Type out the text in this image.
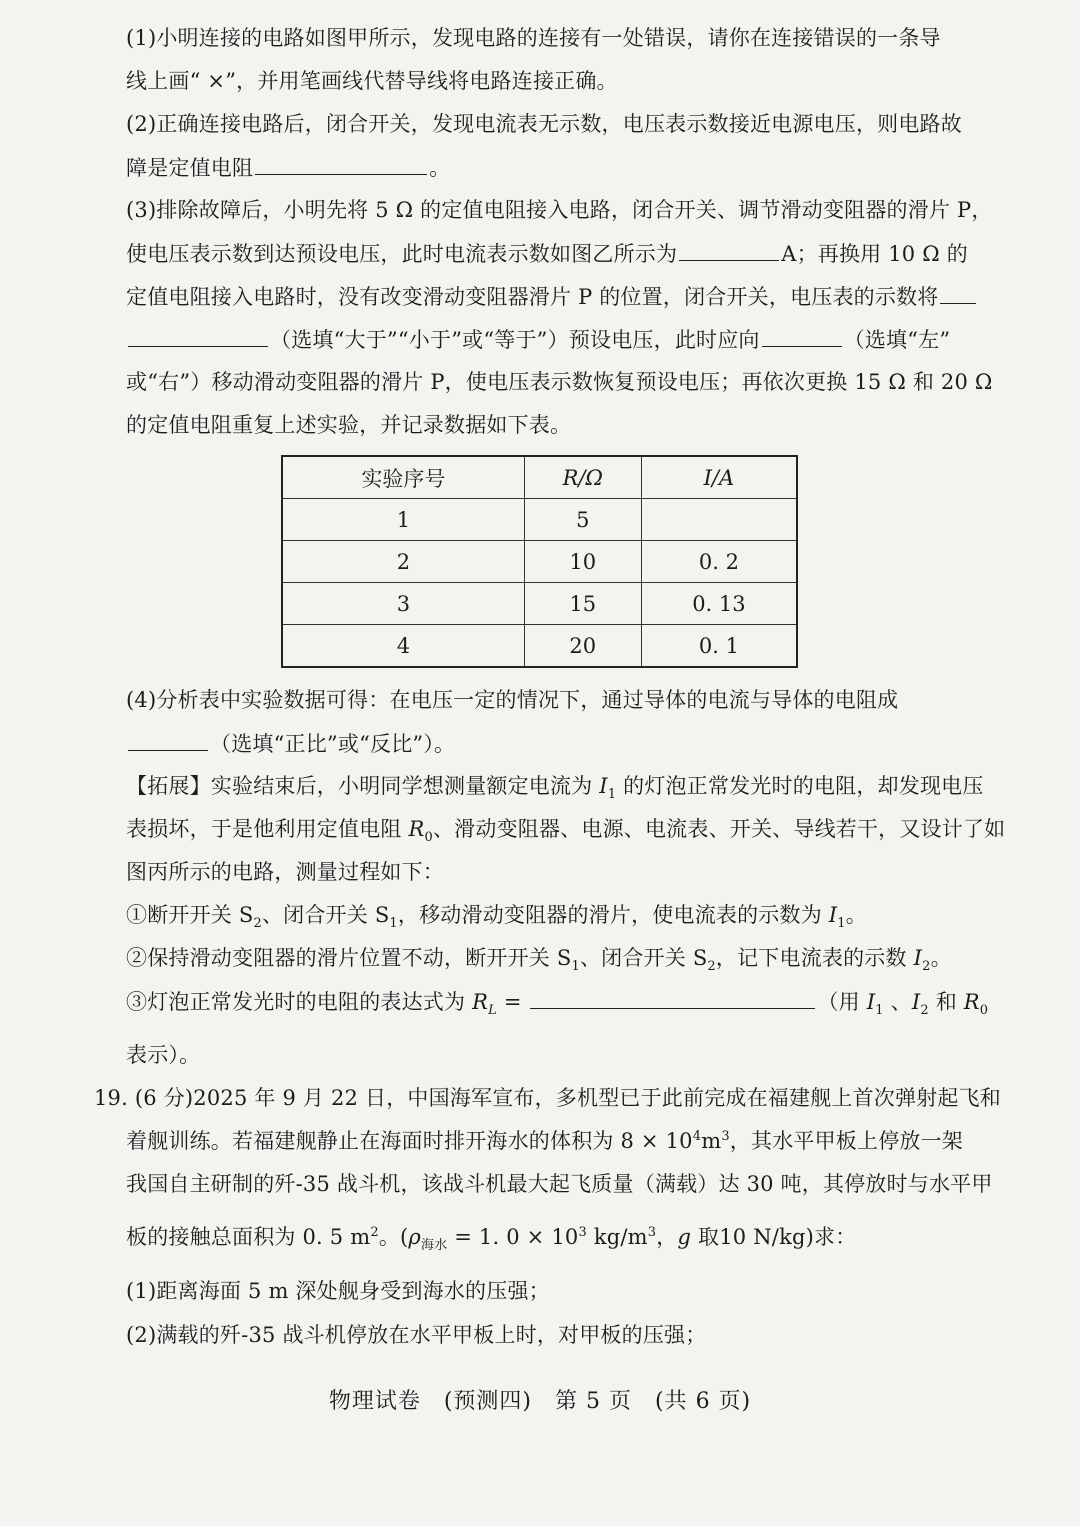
(1)小明连接的电路如图甲所示，发现电路的连接有一处错误，请你在连接错误的一条导
线上画“ ×”，并用笔画线代替导线将电路连接正确。
(2)正确连接电路后，闭合开关，发现电流表无示数，电压表示数接近电源电压，则电路故
障是定值电阻	。
(3)排除故障后，小明先将 5 Ω 的定值电阻接入电路，闭合开关、调节滑动变阻器的滑片 P，
使电压表示数到达预设电压，此时电流表示数如图乙所示为	A；再换用 10 Ω 的
定值电阻接入电路时，没有改变滑动变阻器滑片 P 的位置，闭合开关，电压表的示数将
（选填“大于”“小于”或“等于”）预设电压，此时应向	（选填“左”
或“右”）移动滑动变阻器的滑片 P，使电压表示数恢复预设电压；再依次更换 15 Ω 和 20 Ω
的定值电阻重复上述实验，并记录数据如下表。
实验序号	R/Ω	I/A
1	5	
2	10	0. 2
3	15	0. 13
4	20	0. 1
(4)分析表中实验数据可得：在电压一定的情况下，通过导体的电流与导体的电阻成
（选填“正比”或“反比”）。
【拓展】实验结束后，小明同学想测量额定电流为 $I_1$ 的灯泡正常发光时的电阻，却发现电压
表损坏，于是他利用定值电阻 $R_0$、滑动变阻器、电源、电流表、开关、导线若干，又设计了如
图丙所示的电路，测量过程如下：
①断开开关 $S_2$、闭合开关 $S_1$，移动滑动变阻器的滑片，使电流表的示数为 $I_1$。
②保持滑动变阻器的滑片位置不动，断开开关 $S_1$、闭合开关 $S_2$，记下电流表的示数 $I_2$。
③灯泡正常发光时的电阻的表达式为 $R_L$ =	（用 $I_1$ 、$I_2$ 和 $R_0$
表示）。
19. (6 分)2025 年 9 月 22 日，中国海军宣布，多机型已于此前完成在福建舰上首次弹射起飞和
着舰训练。若福建舰静止在海面时排开海水的体积为 $8 \times 10^4m^3$，其水平甲板上停放一架
我国自主研制的歼-35 战斗机，该战斗机最大起飞质量（满载）达 30 吨，其停放时与水平甲
板的接触总面积为 0. 5 $m^2$。($\rho_{海水} = 1$. $0 \times 10^3$ $kg/m^3$，g 取10 N/kg)求：
(1)距离海面 5 m 深处舰身受到海水的压强；
(2)满载的歼-35 战斗机停放在水平甲板上时，对甲板的压强；
物理试卷　(预测四)　第 5 页　(共 6 页)
